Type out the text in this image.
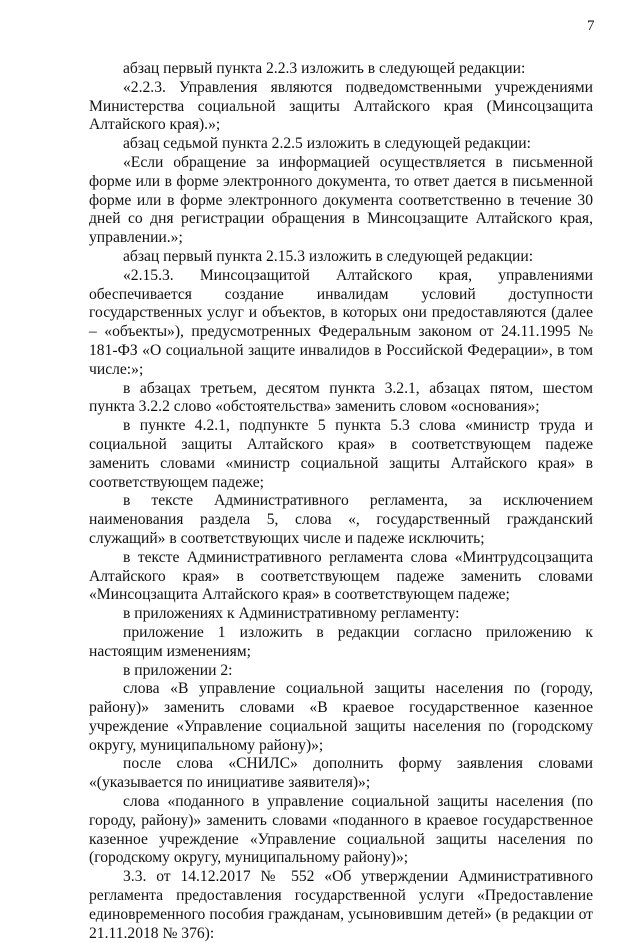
7

абзац первый пункта 2.2.3 изложить в следующей редакции:

«2.2.3. Управления являются подведомственными учреждениями Министерства социальной защиты Алтайского края (Минсоцзащита Алтайского края).»;

абзац седьмой пункта 2.2.5 изложить в следующей редакции:

«Если обращение за информацией осуществляется в письменной форме или в форме электронного документа, то ответ дается в письменной форме или в форме электронного документа соответственно в течение 30 дней со дня регистрации обращения в Минсоцзащите Алтайского края, управлении.»;

абзац первый пункта 2.15.3 изложить в следующей редакции:

«2.15.3. Минсоцзащитой Алтайского края, управлениями обеспечивается создание инвалидам условий доступности государственных услуг и объектов, в которых они предоставляются (далее – «объекты»), предусмотренных Федеральным законом от 24.11.1995 № 181-ФЗ «О социальной защите инвалидов в Российской Федерации», в том числе:»;

в абзацах третьем, десятом пункта 3.2.1, абзацах пятом, шестом пункта 3.2.2 слово «обстоятельства» заменить словом «основания»;

в пункте 4.2.1, подпункте 5 пункта 5.3 слова «министр труда и социальной защиты Алтайского края» в соответствующем падеже заменить словами «министр социальной защиты Алтайского края» в соответствующем падеже;

в тексте Административного регламента, за исключением наименования раздела 5, слова «, государственный гражданский служащий» в соответствующих числе и падеже исключить;

в тексте Административного регламента слова «Минтрудсоцзащита Алтайского края» в соответствующем падеже заменить словами «Минсоцзащита Алтайского края» в соответствующем падеже;

в приложениях к Административному регламенту:

приложение 1 изложить в редакции согласно приложению к настоящим изменениям;

в приложении 2:

слова «В управление социальной защиты населения по (городу, району)» заменить словами «В краевое государственное казенное учреждение «Управление социальной защиты населения по (городскому округу, муниципальному району)»;

после слова «СНИЛС» дополнить форму заявления словами «(указывается по инициативе заявителя)»;

слова «поданного в управление социальной защиты населения (по городу, району)» заменить словами «поданного в краевое государственное казенное учреждение «Управление социальной защиты населения по (городскому округу, муниципальному району)»;

3.3. от 14.12.2017 № 552 «Об утверждении Административного регламента предоставления государственной услуги «Предоставление единовременного пособия гражданам, усыновившим детей» (в редакции от 21.11.2018 № 376):
